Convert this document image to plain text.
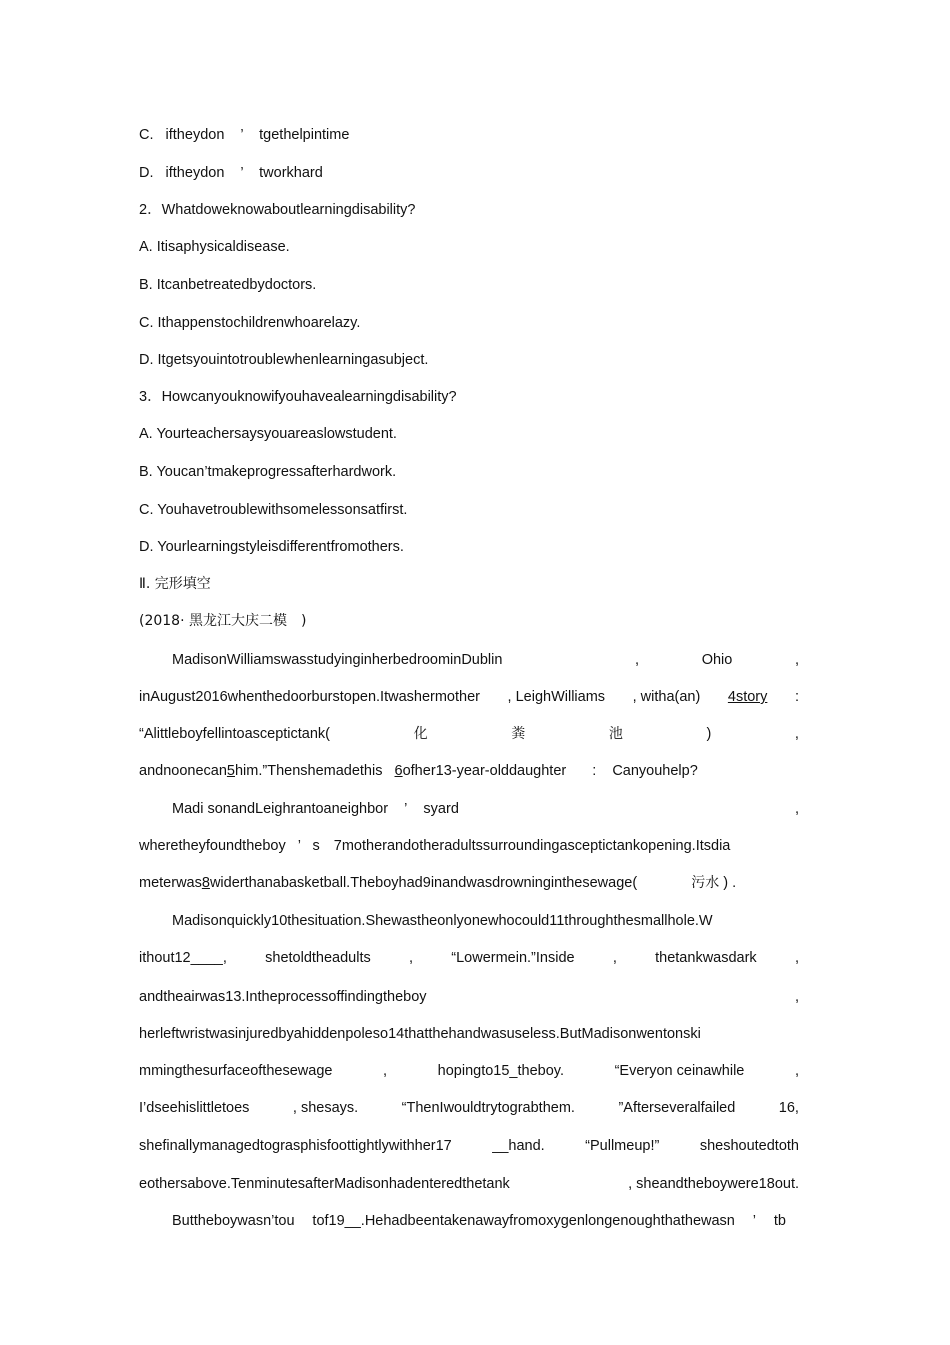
C. iftheydon ’ tgethelpintime
D. iftheydon ’ tworkhard
2．Whatdoweknowaboutlearningdisability?
A. Itisaphysicaldisease.
B. Itcanbetreatedbydoctors.
C. Ithappenstochildrenwhoarelazy.
D. Itgetsyouintotroublewhenlearningasubject.
3．Howcanyouknowifyouhavealearningdisability?
A. Yourteachersaysyouareaslowstudent.
B. Youcan’tmakeprogressafterhardwork.
C. Youhavetroublewithsomelessonsatfirst.
D. Yourlearningstyleisdifferentfromothers.
Ⅱ. 完形填空
(2018· 黑龙江大庆二模　)
MadisonWilliamswasstudyinginherbedroominDublin	,	Ohio	,
inAugust2016whenthedoorburstopen.Itwashermother , LeighWilliams , witha(an) 4story :
“Alittleboyfellintoasceptictank(	化	粪	池	)	,
andnoonecan5him.”Thenshemadethis 6ofher13-year-olddaughter : Canyouhelp?
Madi sonandLeighrantoaneighbor ’ syard	,
wheretheyfoundtheboy ’ s 7motherandotheradultssurroundingasceptictankopening.Itsdia
meterwas8widerthanabasketball.Theboyhad9inandwasdrowninginthesewage(	污水 ) .
Madisonquickly10thesituation.Shewastheonlyonewhocould11throughthesmallhole.W
ithout12____,	shetoldtheadults	,	“Lowermein.”Inside	,	thetankwasdark	,
andtheairwas13.Intheprocessoffindingtheboy	,
herleftwristwasinjuredbyahiddenpoleso14thatthehandwasuseless.ButMadisonwentonski
mmingthesurfaceofthesewage	,	hopingto15_theboy.	“Everyon ceinawhile	,
I’dseehislittletoes	, shesays.	“ThenIwouldtrytograbthem.	”Afterseveralfailed	16,
shefinallymanagedtograsphisfoottightlywithher17	__hand.	“Pullmeup!”	sheshoutedtoth
eothersabove.TenminutesafterMadisonhadenteredthetank	, sheandtheboywere18out.
Buttheboywasn’tou tof19__.Hehadbeentakenawayfromoxygenlongenoughthathewasn ’ tb
